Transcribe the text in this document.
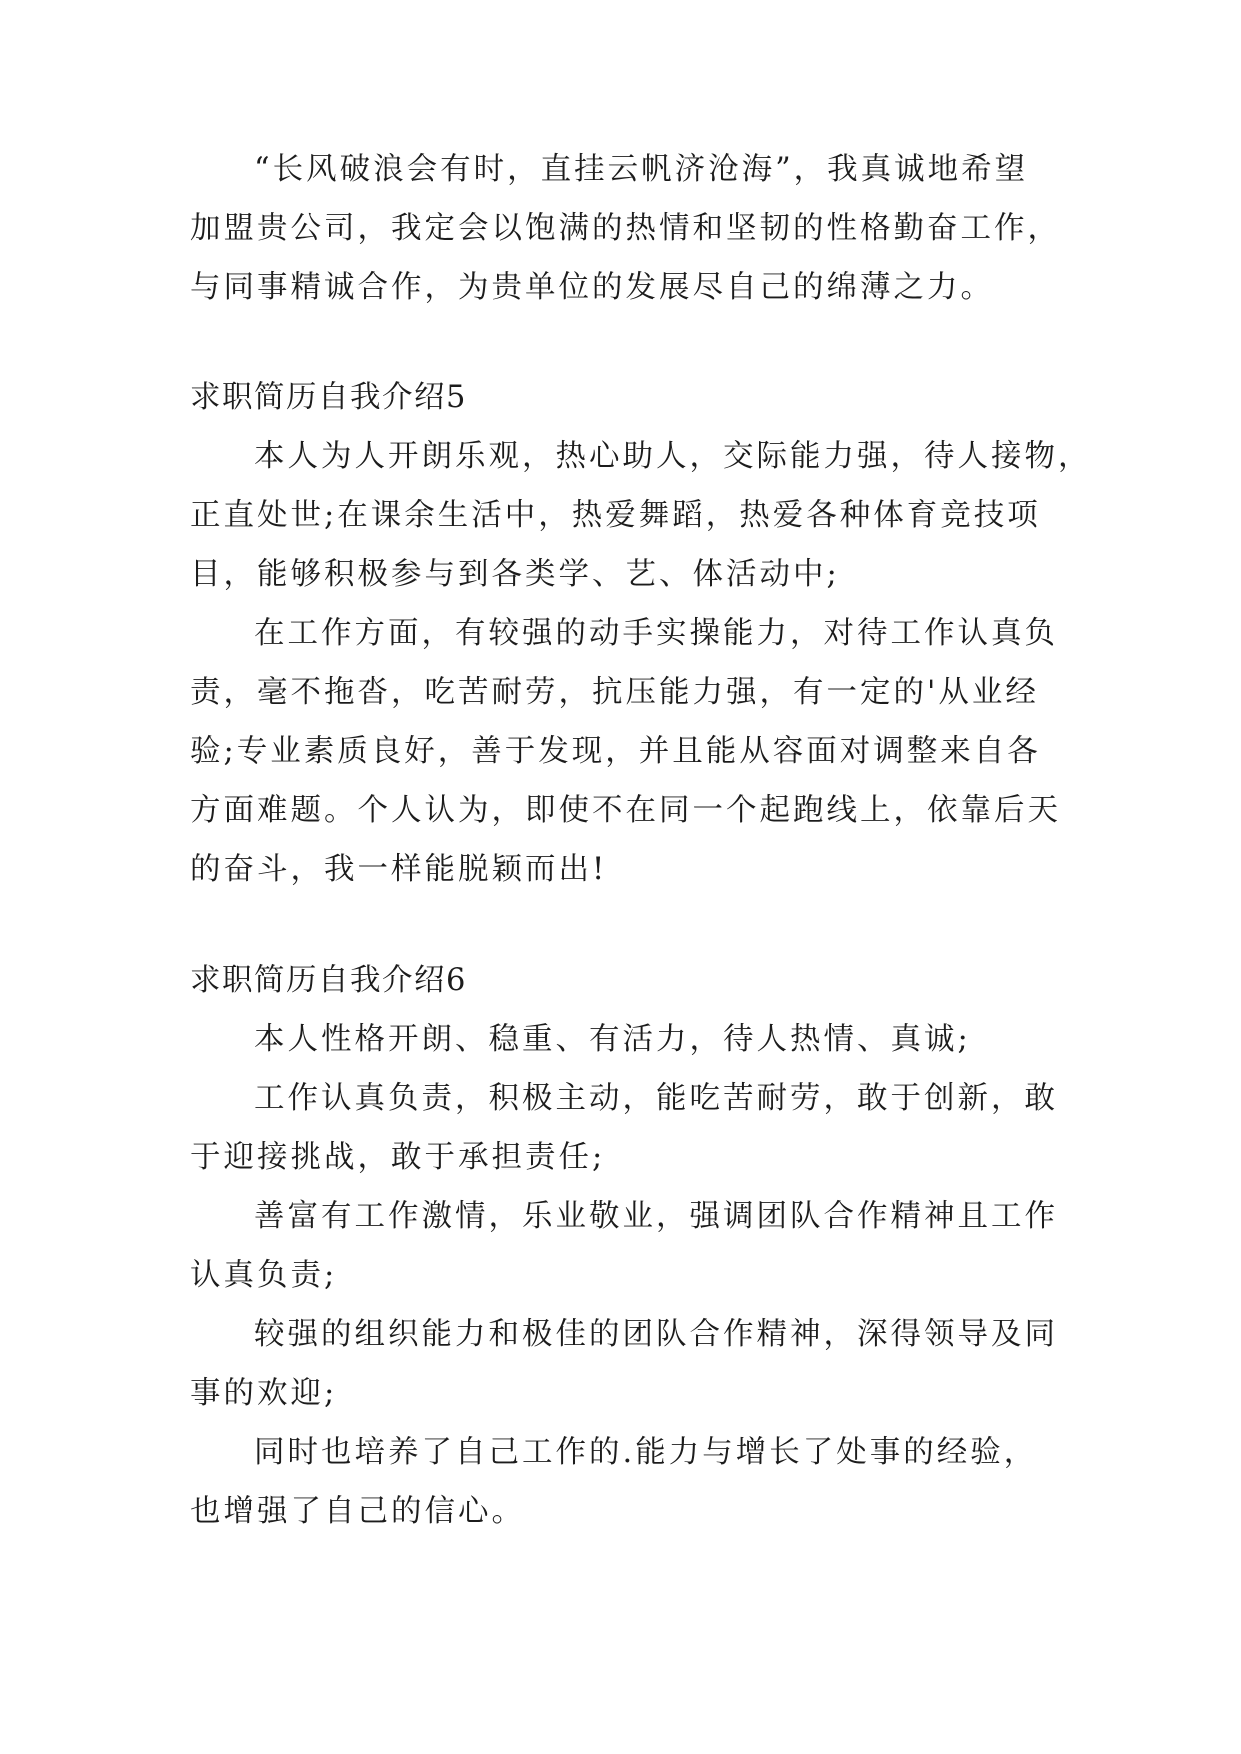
“长风破浪会有时，直挂云帆济沧海”，我真诚地希望
加盟贵公司，我定会以饱满的热情和坚韧的性格勤奋工作，
与同事精诚合作，为贵单位的发展尽自己的绵薄之力。
求职简历自我介绍5
本人为人开朗乐观，热心助人，交际能力强，待人接物，
正直处世;在课余生活中，热爱舞蹈，热爱各种体育竞技项
目，能够积极参与到各类学、艺、体活动中;
在工作方面，有较强的动手实操能力，对待工作认真负
责，毫不拖沓，吃苦耐劳，抗压能力强，有一定的'从业经
验;专业素质良好，善于发现，并且能从容面对调整来自各
方面难题。个人认为，即使不在同一个起跑线上，依靠后天
的奋斗，我一样能脱颖而出!
求职简历自我介绍6
本人性格开朗、稳重、有活力，待人热情、真诚;
工作认真负责，积极主动，能吃苦耐劳，敢于创新，敢
于迎接挑战，敢于承担责任;
善富有工作激情，乐业敬业，强调团队合作精神且工作
认真负责;
较强的组织能力和极佳的团队合作精神，深得领导及同
事的欢迎;
同时也培养了自己工作的.能力与增长了处事的经验，
也增强了自己的信心。
